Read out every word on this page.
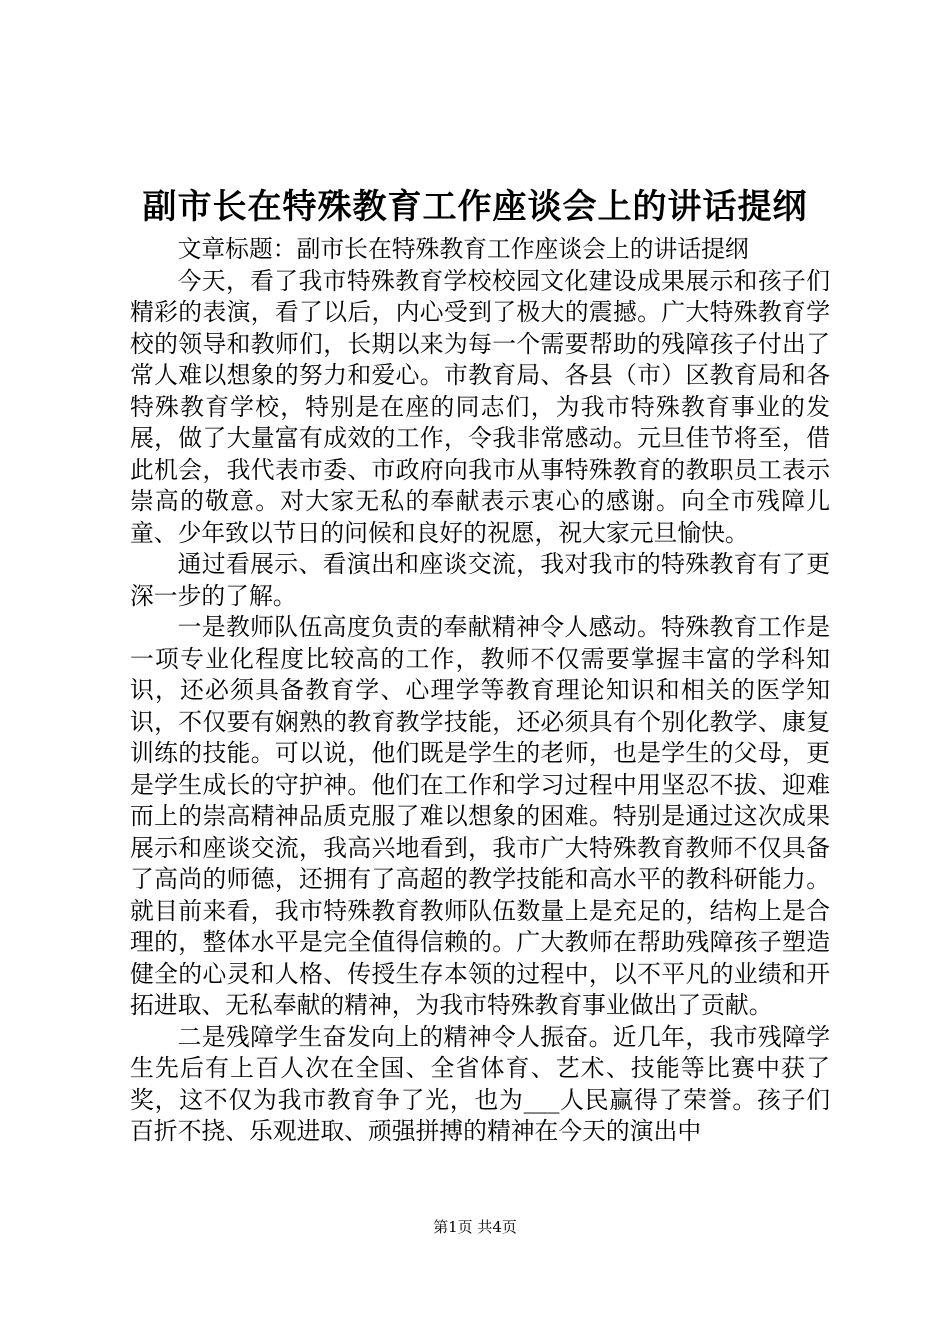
副市长在特殊教育工作座谈会上的讲话提纲

文章标题：副市长在特殊教育工作座谈会上的讲话提纲

今天，看了我市特殊教育学校校园文化建设成果展示和孩子们精彩的表演，看了以后，内心受到了极大的震撼。广大特殊教育学校的领导和教师们，长期以来为每一个需要帮助的残障孩子付出了常人难以想象的努力和爱心。市教育局、各县（市）区教育局和各特殊教育学校，特别是在座的同志们，为我市特殊教育事业的发展，做了大量富有成效的工作，令我非常感动。元旦佳节将至，借此机会，我代表市委、市政府向我市从事特殊教育的教职员工表示崇高的敬意。对大家无私的奉献表示衷心的感谢。向全市残障儿童、少年致以节日的问候和良好的祝愿，祝大家元旦愉快。

通过看展示、看演出和座谈交流，我对我市的特殊教育有了更深一步的了解。

一是教师队伍高度负责的奉献精神令人感动。特殊教育工作是一项专业化程度比较高的工作，教师不仅需要掌握丰富的学科知识，还必须具备教育学、心理学等教育理论知识和相关的医学知识，不仅要有娴熟的教育教学技能，还必须具有个别化教学、康复训练的技能。可以说，他们既是学生的老师，也是学生的父母，更是学生成长的守护神。他们在工作和学习过程中用坚忍不拔、迎难而上的崇高精神品质克服了难以想象的困难。特别是通过这次成果展示和座谈交流，我高兴地看到，我市广大特殊教育教师不仅具备了高尚的师德，还拥有了高超的教学技能和高水平的教科研能力。就目前来看，我市特殊教育教师队伍数量上是充足的，结构上是合理的，整体水平是完全值得信赖的。广大教师在帮助残障孩子塑造健全的心灵和人格、传授生存本领的过程中，以不平凡的业绩和开拓进取、无私奉献的精神，为我市特殊教育事业做出了贡献。

二是残障学生奋发向上的精神令人振奋。近几年，我市残障学生先后有上百人次在全国、全省体育、艺术、技能等比赛中获了奖，这不仅为我市教育争了光，也为___人民赢得了荣誉。孩子们百折不挠、乐观进取、顽强拼搏的精神在今天的演出中

第1页 共4页
